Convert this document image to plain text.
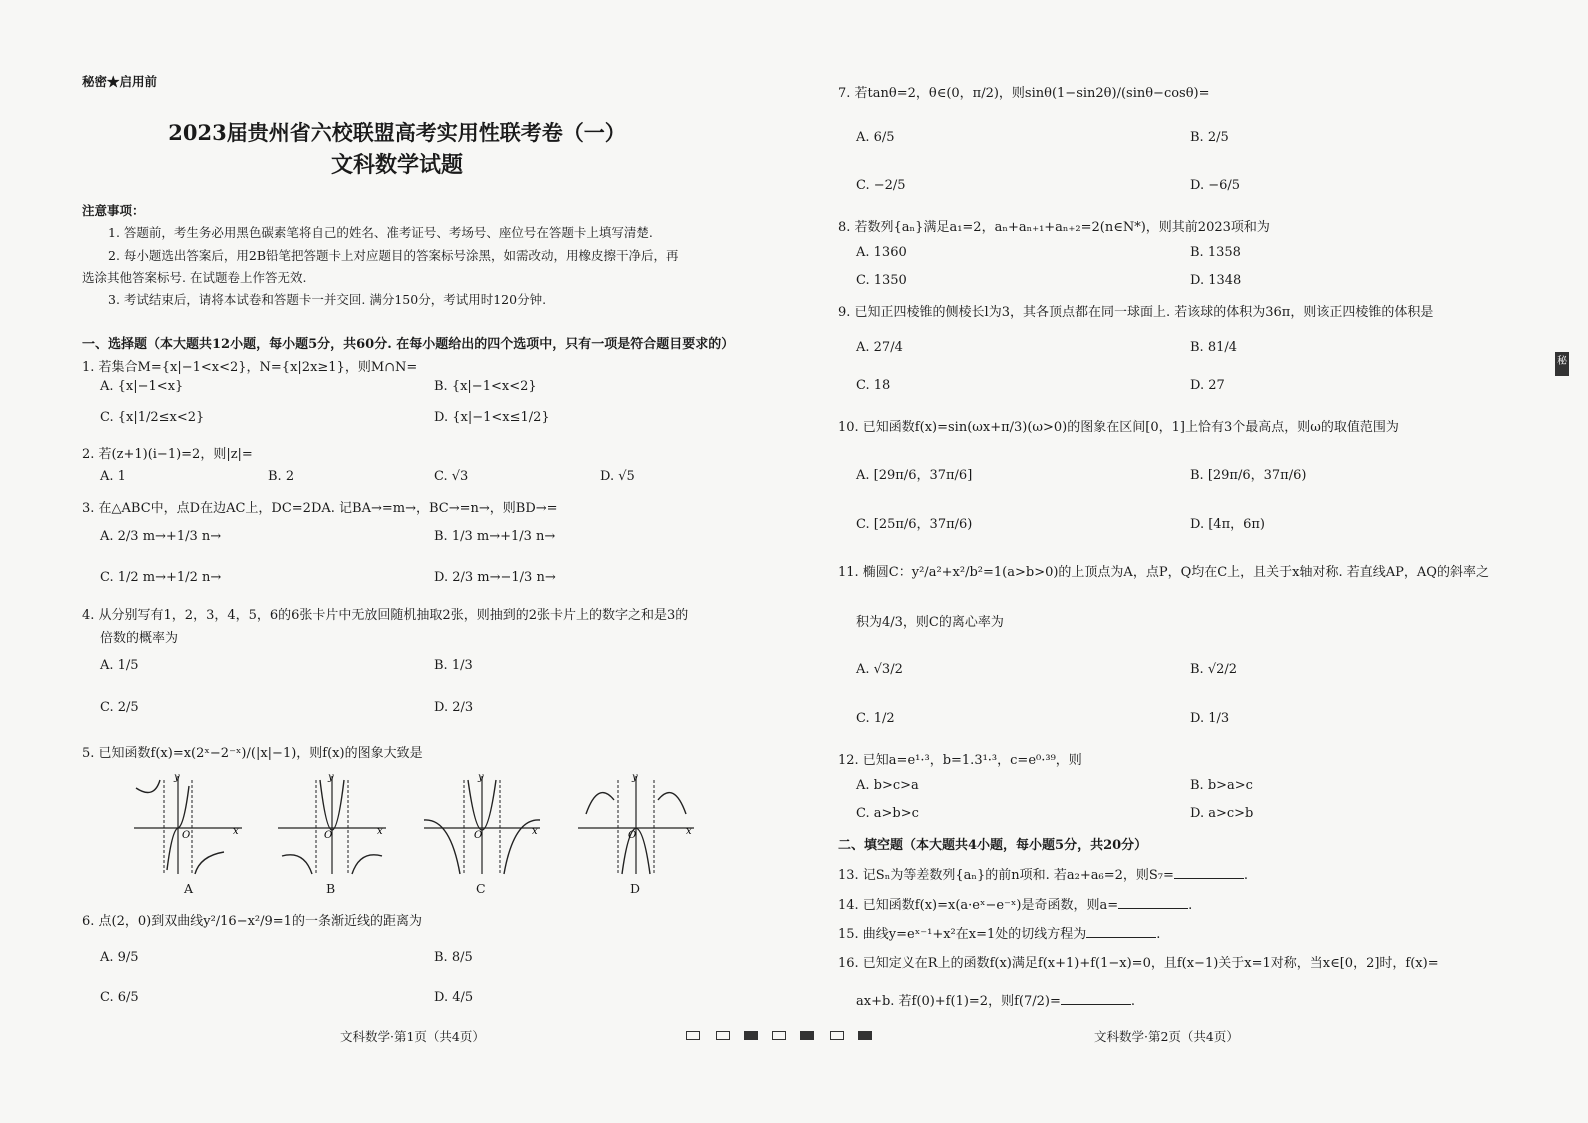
秘密★启用前
2023届贵州省六校联盟高考实用性联考卷（一）
文科数学试题
注意事项：
1. 答题前，考生务必用黑色碳素笔将自己的姓名、准考证号、考场号、座位号在答题卡上填写清楚.
2. 每小题选出答案后，用2B铅笔把答题卡上对应题目的答案标号涂黑，如需改动，用橡皮擦干净后，再
选涂其他答案标号. 在试题卷上作答无效.
3. 考试结束后，请将本试卷和答题卡一并交回. 满分150分，考试用时120分钟.
一、选择题（本大题共12小题，每小题5分，共60分. 在每小题给出的四个选项中，只有一项是符合题目要求的）
1. 若集合M={x|−1<x<2}，N={x|2x≥1}，则M∩N=
A. {x|−1<x}	B. {x|−1<x<2}
C. {x|1/2≤x<2}	D. {x|−1<x≤1/2}
2. 若(z+1)(i−1)=2，则|z|=
A. 1	B. 2	C. √3	D. √5
3. 在△ABC中，点D在边AC上，DC=2DA. 记BA→=m→，BC→=n→，则BD→=
A. 2/3 m→+1/3 n→	B. 1/3 m→+1/3 n→
C. 1/2 m→+1/2 n→	D. 2/3 m→−1/3 n→
4. 从分别写有1，2，3，4，5，6的6张卡片中无放回随机抽取2张，则抽到的2张卡片上的数字之和是3的
倍数的概率为
A. 1/5	B. 1/3
C. 2/5	D. 2/3
5. 已知函数f(x)=x(2ˣ−2⁻ˣ)/(|x|−1)，则f(x)的图象大致是
x
y
O
A
x
y
O
B
x
y
O
C
x
y
O
D
6. 点(2，0)到双曲线y²/16−x²/9=1的一条渐近线的距离为
A. 9/5	B. 8/5
C. 6/5	D. 4/5
文科数学·第1页（共4页）
7. 若tanθ=2，θ∈(0，π/2)，则sinθ(1−sin2θ)/(sinθ−cosθ)=
A. 6/5	B. 2/5
C. −2/5	D. −6/5
8. 若数列{aₙ}满足a₁=2，aₙ+aₙ₊₁+aₙ₊₂=2(n∈N*)，则其前2023项和为
A. 1360	B. 1358
C. 1350	D. 1348
9. 已知正四棱锥的侧棱长l为3，其各顶点都在同一球面上. 若该球的体积为36π，则该正四棱锥的体积是
A. 27/4	B. 81/4
C. 18	D. 27
10. 已知函数f(x)=sin(ωx+π/3)(ω>0)的图象在区间[0，1]上恰有3个最高点，则ω的取值范围为
A. [29π/6，37π/6]	B. [29π/6，37π/6)
C. [25π/6，37π/6)	D. [4π，6π)
11. 椭圆C：y²/a²+x²/b²=1(a>b>0)的上顶点为A，点P，Q均在C上，且关于x轴对称. 若直线AP，AQ的斜率之
积为4/3，则C的离心率为
A. √3/2	B. √2/2
C. 1/2	D. 1/3
12. 已知a=e¹·³，b=1.3¹·³，c=e⁰·³⁹，则
A. b>c>a	B. b>a>c
C. a>b>c	D. a>c>b
二、填空题（本大题共4小题，每小题5分，共20分）
13. 记Sₙ为等差数列{aₙ}的前n项和. 若a₂+a₆=2，则S₇=	.
14. 已知函数f(x)=x(a·eˣ−e⁻ˣ)是奇函数，则a=	.
15. 曲线y=eˣ⁻¹+x²在x=1处的切线方程为	.
16. 已知定义在R上的函数f(x)满足f(x+1)+f(1−x)=0，且f(x−1)关于x=1对称，当x∈[0，2]时，f(x)=
ax+b. 若f(0)+f(1)=2，则f(7/2)=	.
文科数学·第2页（共4页）
秘
